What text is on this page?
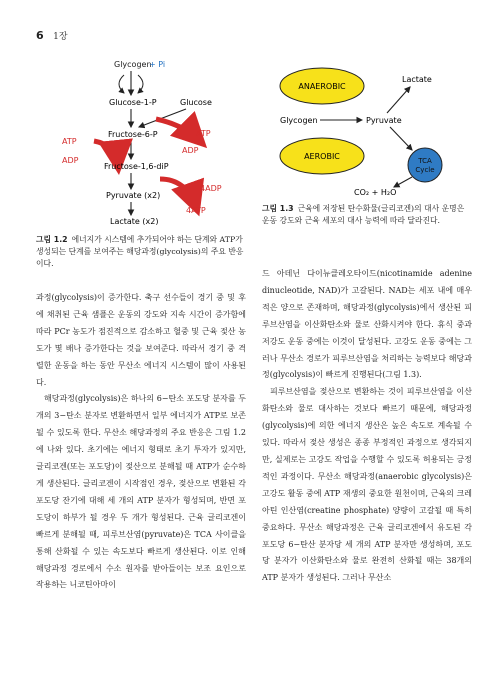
6 1장
Glycogen
+ Pi
Glucose-1-P	Glucose
ATP
ADP
Fructose-6-P
ATP
ADP
Fructose-1,6-diP
Pyruvate (x2)
Lactate (x2)
4ADP
4ATP
그림 1.2 에너지가 시스템에 추가되어야 하는 단계와 ATP가 생성되는 단계를 보여주는 해당과정(glycolysis)의 주요 반응이다.
ANAEROBIC
AEROBIC
Glycogen	Pyruvate
Lactate
TCA
Cycle
CO₂ + H₂O
그림 1.3 근육에 저장된 탄수화물(글리코겐)의 대사 운명은 운동 강도와 근육 세포의 대사 능력에 따라 달라진다.

과정(glycolysis)이 증가한다. 축구 선수들이 경기 중 및 후에 채취된 근육 샘플은 운동의 강도와 지속 시간이 증가함에 따라 PCr 농도가 점진적으로 감소하고 혈중 및 근육 젖산 농도가 몇 배나 증가한다는 것을 보여준다. 따라서 경기 중 격렬한 운동을 하는 동안 무산소 에너지 시스템이 많이 사용된다.

해당과정(glycolysis)은 하나의 6−탄소 포도당 분자를 두 개의 3−탄소 분자로 변환하면서 일부 에너지가 ATP로 보존될 수 있도록 한다. 무산소 해당과정의 주요 반응은 그림 1.2에 나와 있다. 초기에는 에너지 형태로 초기 투자가 있지만, 글리코겐(또는 포도당)이 젖산으로 분해될 때 ATP가 순수하게 생산된다. 글리코겐이 시작점인 경우, 젖산으로 변환된 각 포도당 잔기에 대해 세 개의 ATP 분자가 형성되며, 반면 포도당이 하부가 될 경우 두 개가 형성된다. 근육 글리코겐이 빠르게 분해될 때, 피루브산염(pyruvate)은 TCA 사이클을 통해 산화될 수 있는 속도보다 빠르게 생산된다. 이로 인해 해당과정 경로에서 수소 원자를 받아들이는 보조 요인으로 작용하는 니코틴아마이

드 아데닌 다이뉴클레오타이드(nicotinamide adenine dinucleotide, NAD)가 고갈된다. NAD는 세포 내에 매우 적은 양으로 존재하며, 해당과정(glycolysis)에서 생산된 피루브산염을 이산화탄소와 물로 산화시켜야 한다. 휴식 중과 저강도 운동 중에는 이것이 달성된다. 고강도 운동 중에는 그러나 무산소 경로가 피루브산염을 처리하는 능력보다 해당과정(glycolysis)이 빠르게 진행된다(그림 1.3).

피루브산염을 젖산으로 변환하는 것이 피루브산염을 이산화탄소와 물로 대사하는 것보다 빠르기 때문에, 해당과정(glycolysis)에 의한 에너지 생산은 높은 속도로 계속될 수 있다. 따라서 젖산 생성은 종종 부정적인 과정으로 생각되지만, 실제로는 고강도 작업을 수행할 수 있도록 허용되는 긍정적인 과정이다. 무산소 해당과정(anaerobic glycolysis)은 고강도 활동 중에 ATP 재생의 중요한 원천이며, 근육의 크레아틴 인산염(creatine phosphate) 양량이 고갈될 때 특히 중요하다. 무산소 해당과정은 근육 글리코겐에서 유도된 각 포도당 6−탄산 분자당 세 개의 ATP 분자만 생성하며, 포도당 분자가 이산화탄소와 물로 완전히 산화될 때는 38개의 ATP 분자가 생성된다. 그러나 무산소
